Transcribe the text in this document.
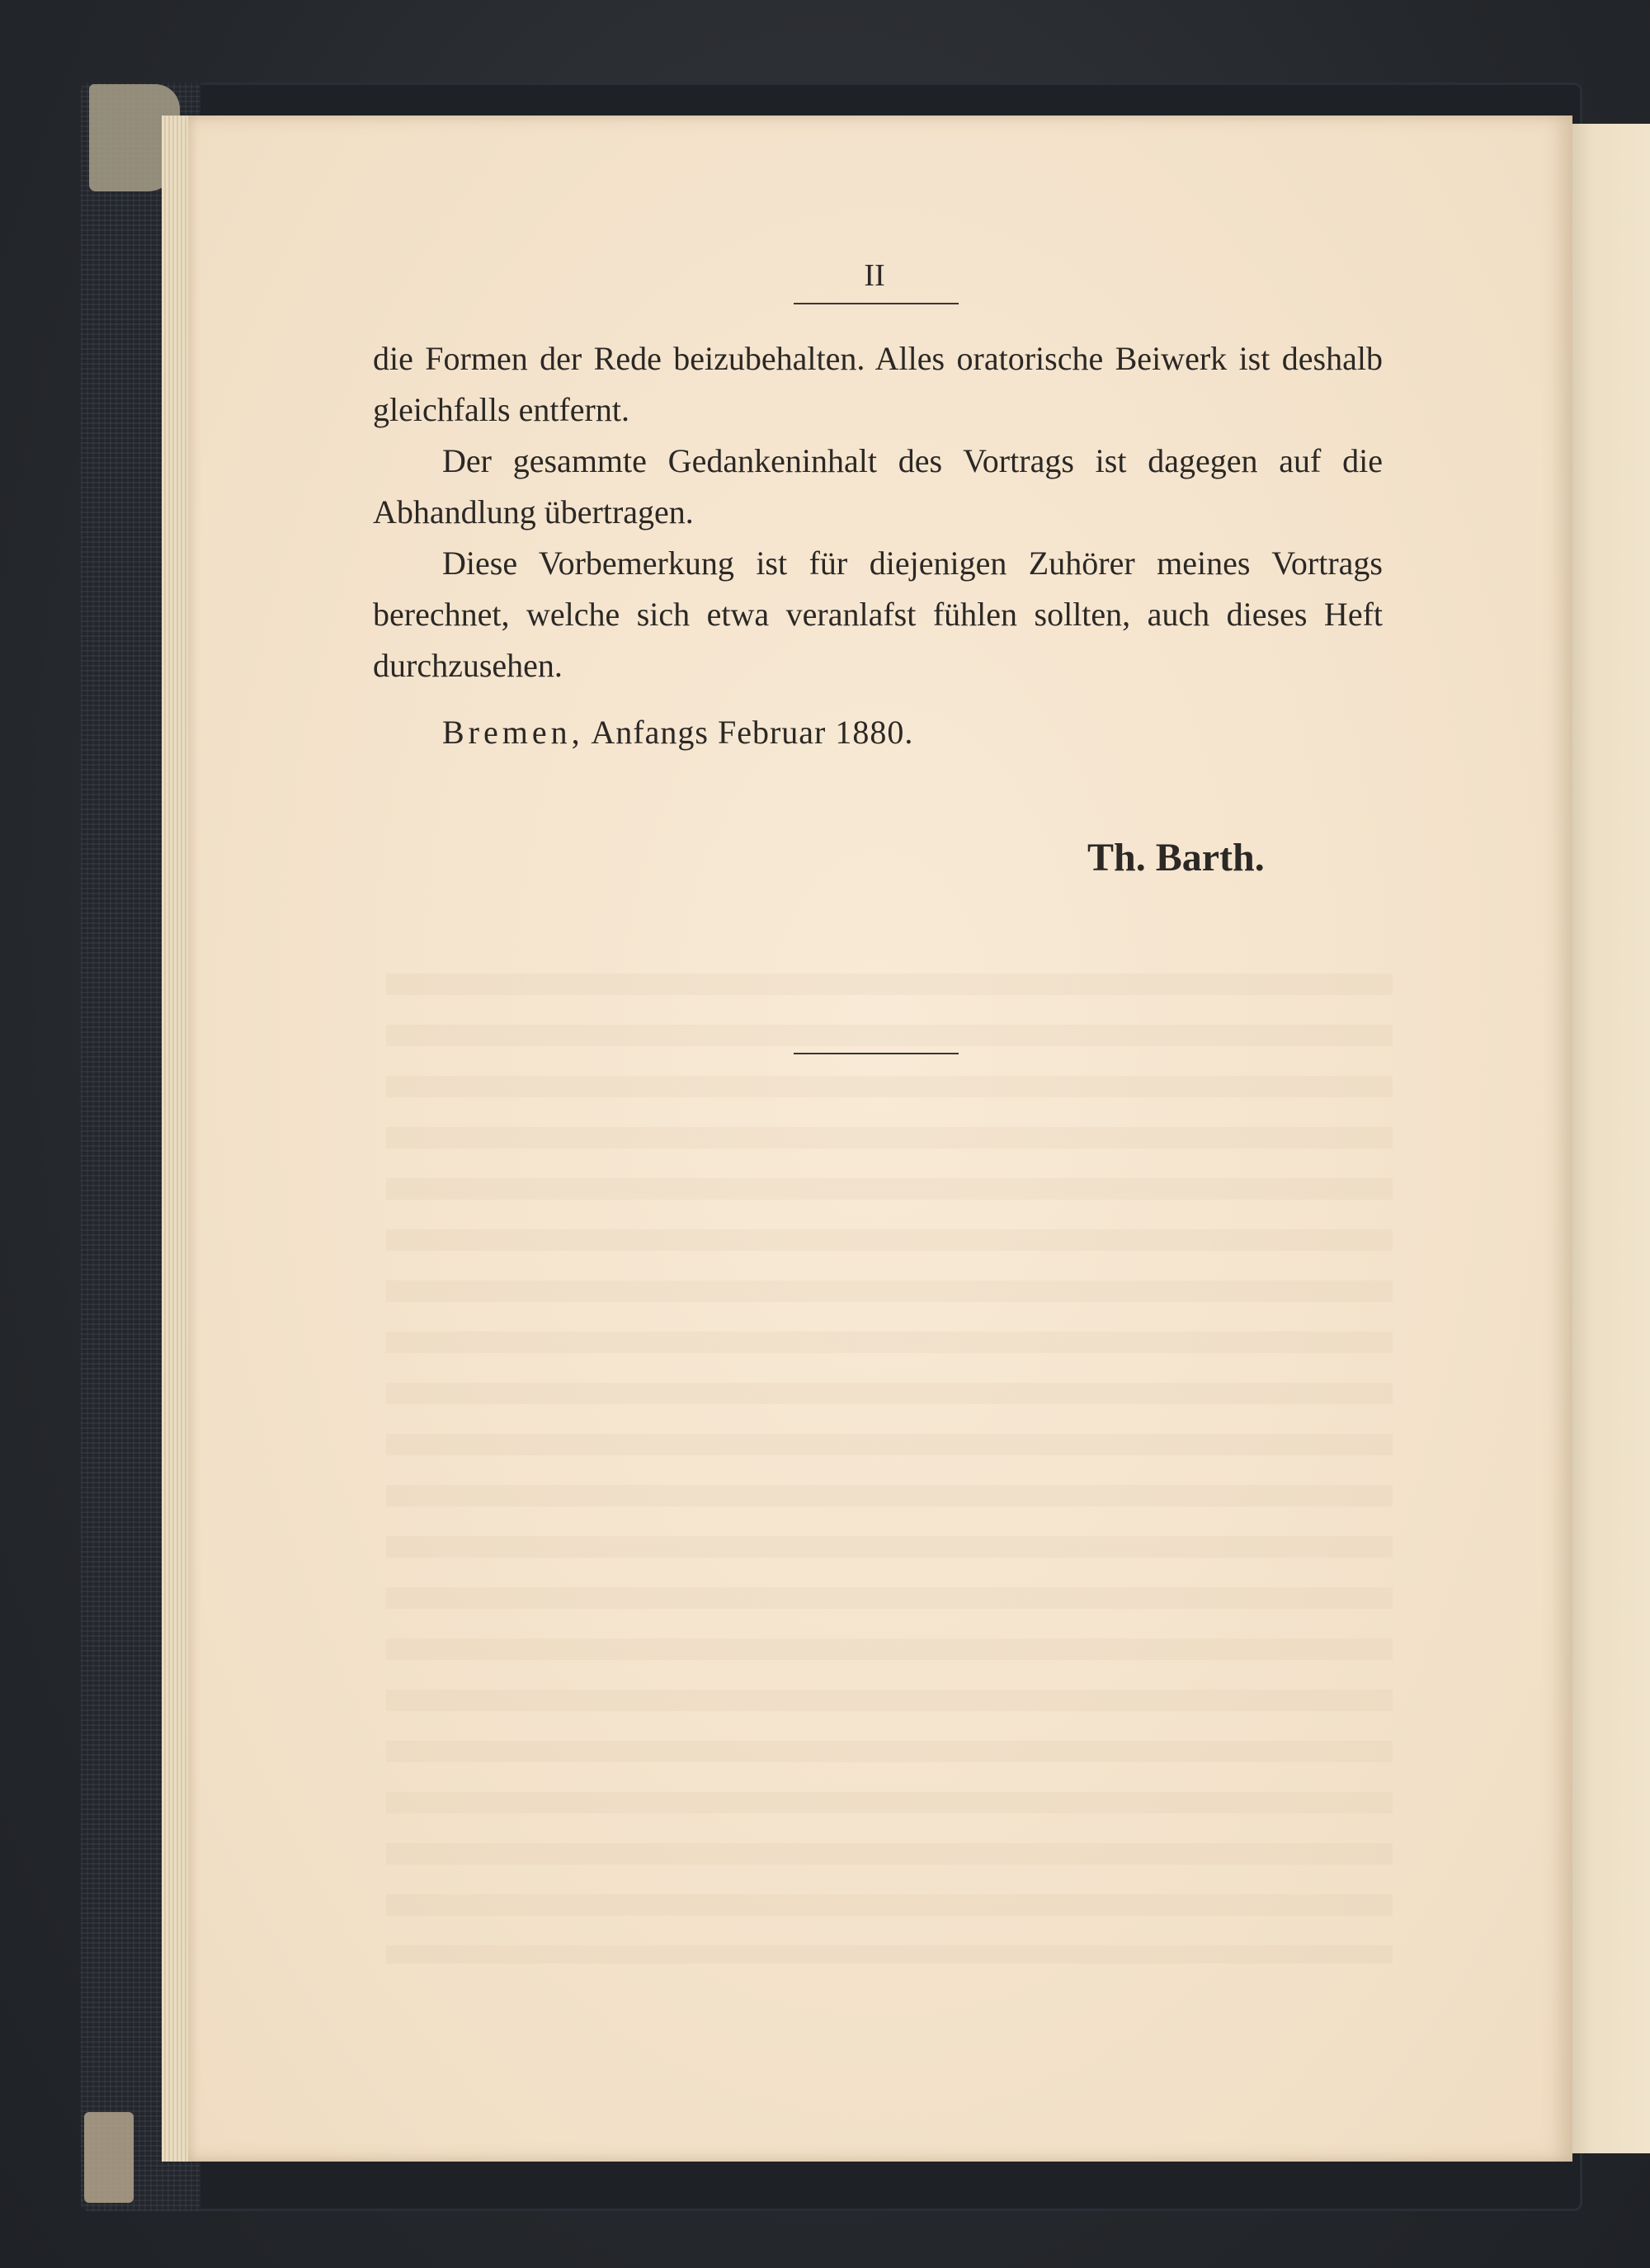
II

die Formen der Rede beizubehalten. Alles oratorische Beiwerk ist deshalb gleichfalls entfernt.

Der gesammte Gedankeninhalt des Vortrags ist dagegen auf die Abhandlung übertragen.

Diese Vorbemerkung ist für diejenigen Zuhörer meines Vortrags berechnet, welche sich etwa veranlafst fühlen sollten, auch dieses Heft durchzusehen.

Bremen, Anfangs Februar 1880.
Th. Barth.
